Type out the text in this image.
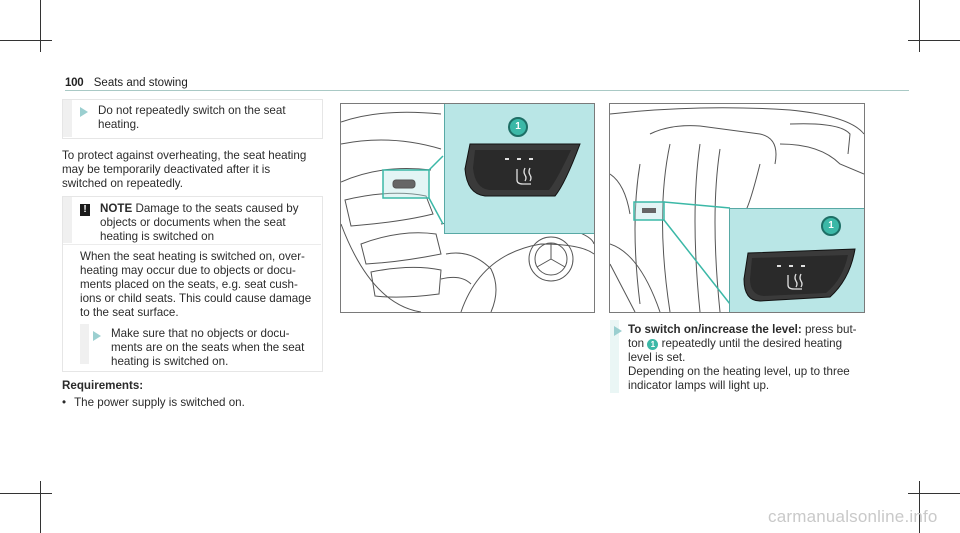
100 Seats and stowing
Do not repeatedly switch on the seat
heating.
To protect against overheating, the seat heating
may be temporarily deactivated after it is
switched on repeatedly.
! NOTE Damage to the seats caused by
objects or documents when the seat
heating is switched on
When the seat heating is switched on, over-
heating may occur due to objects or docu-
ments placed on the seats, e.g. seat cush-
ions or child seats. This could cause damage
to the seat surface.
Make sure that no objects or docu-
ments are on the seats when the seat
heating is switched on.
Requirements:
• The power supply is switched on.
1
1
To switch on/increase the level: press but-
ton 1 repeatedly until the desired heating
level is set.
Depending on the heating level, up to three
indicator lamps will light up.
carmanualsonline.info
